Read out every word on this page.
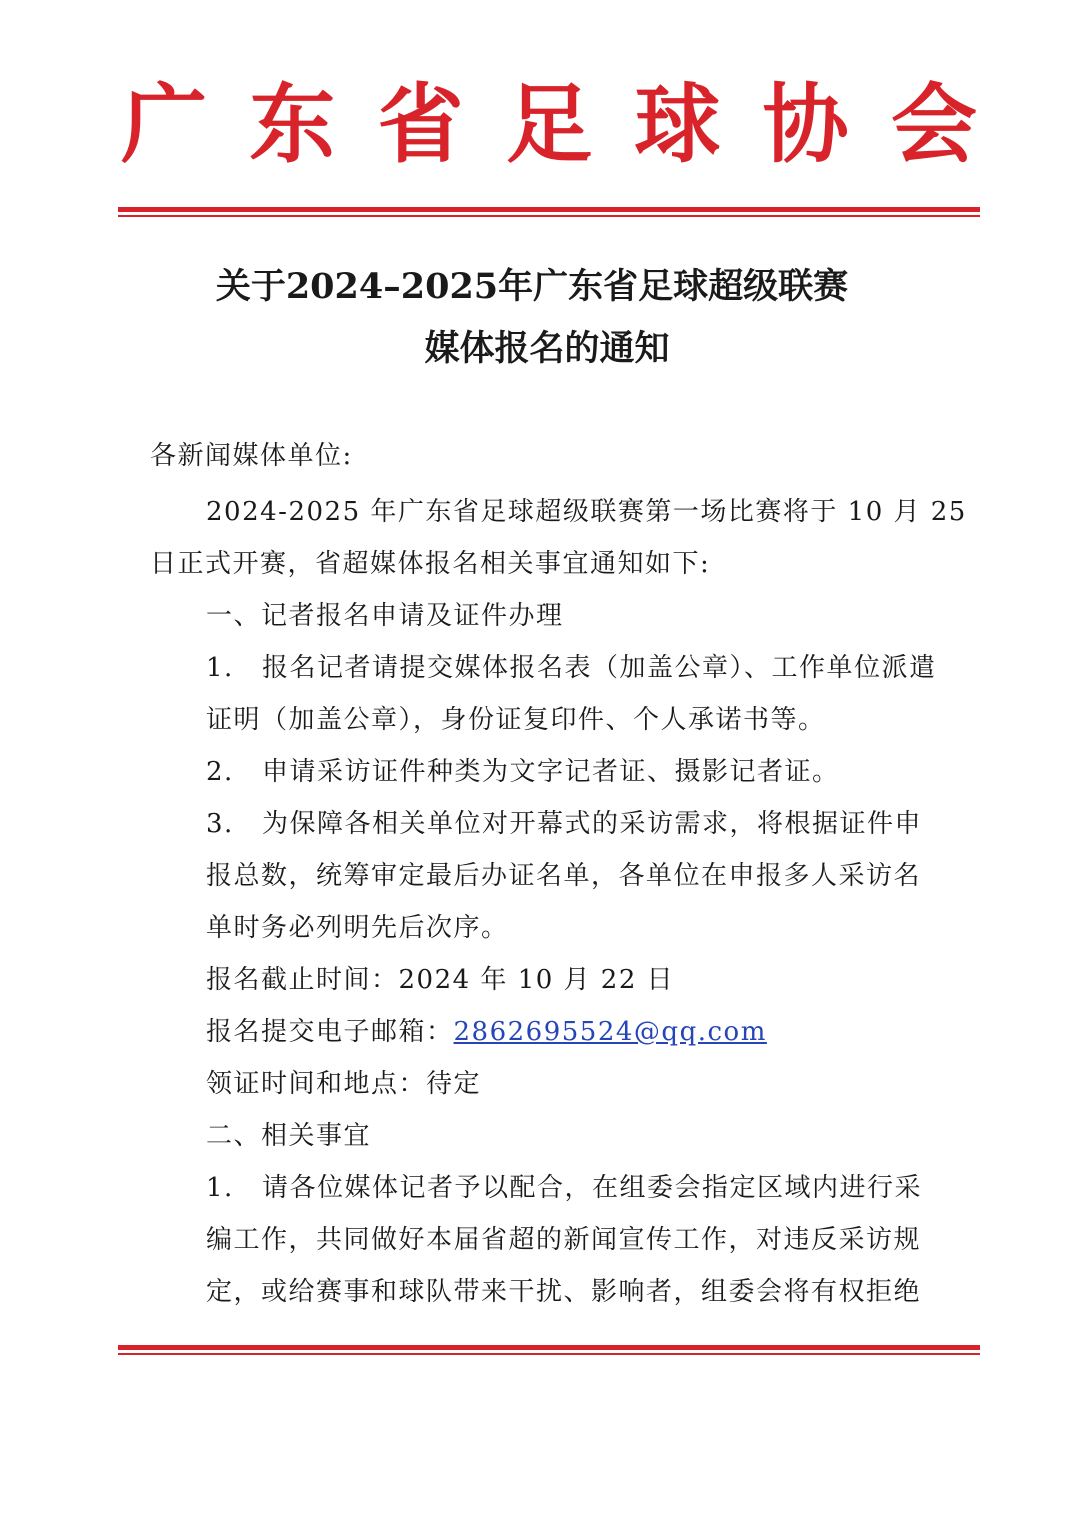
广 东 省 足 球 协 会
关于2024–2025年广东省足球超级联赛
媒体报名的通知
各新闻媒体单位:
2024-2025 年广东省足球超级联赛第一场比赛将于 10 月 25
日正式开赛，省超媒体报名相关事宜通知如下:
一、记者报名申请及证件办理
1. 报名记者请提交媒体报名表（加盖公章）、工作单位派遣
证明（加盖公章），身份证复印件、个人承诺书等。
2. 申请采访证件种类为文字记者证、摄影记者证。
3. 为保障各相关单位对开幕式的采访需求，将根据证件申
报总数，统筹审定最后办证名单，各单位在申报多人采访名
单时务必列明先后次序。
报名截止时间：2024 年 10 月 22 日
报名提交电子邮箱：2862695524@qq.com
领证时间和地点：待定
二、相关事宜
1. 请各位媒体记者予以配合，在组委会指定区域内进行采
编工作，共同做好本届省超的新闻宣传工作，对违反采访规
定，或给赛事和球队带来干扰、影响者，组委会将有权拒绝
